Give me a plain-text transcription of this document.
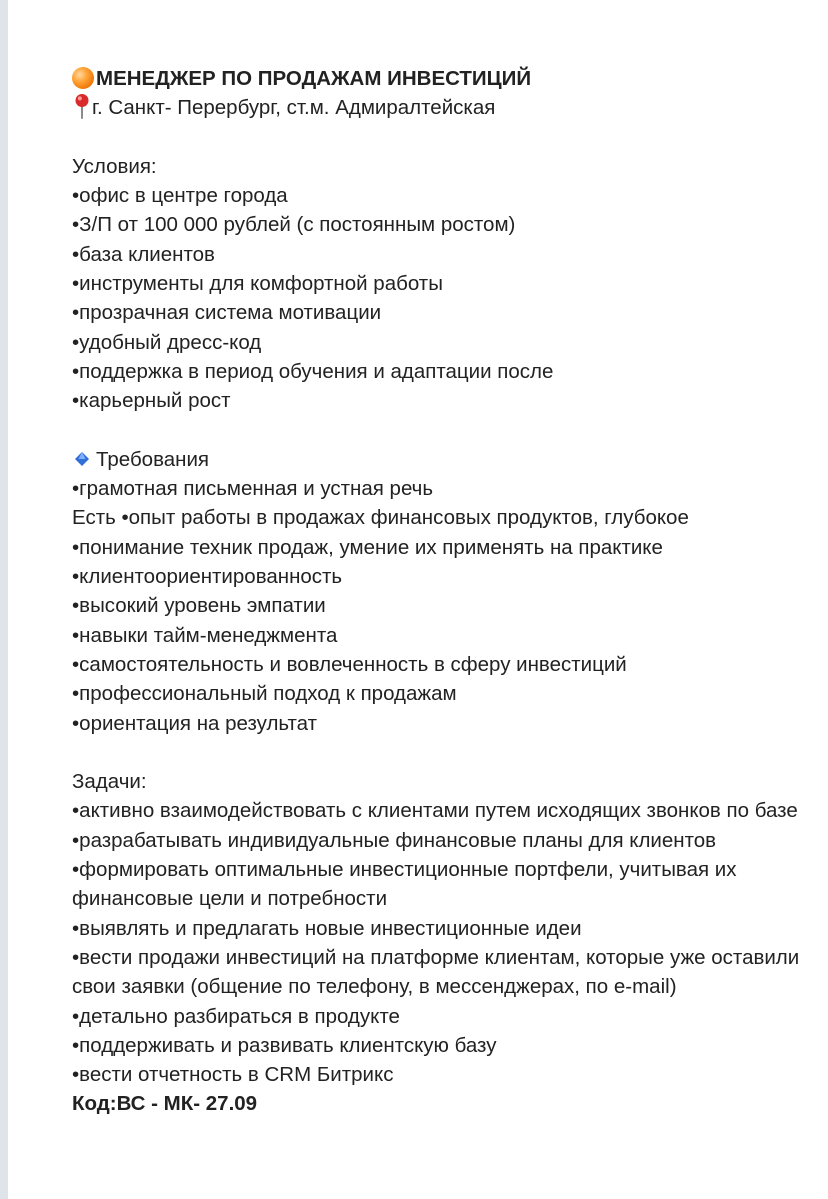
МЕНЕДЖЕР ПО ПРОДАЖАМ ИНВЕСТИЦИЙ
г. Санкт- Перербург, ст.м. Адмиралтейская
Условия:
•офис в центре города
•З/П от 100 000 рублей (с постоянным ростом)
•база клиентов
•инструменты для комфортной работы
•прозрачная система мотивации
•удобный дресс-код
•поддержка в период обучения и адаптации после
•карьерный рост
Требования
•грамотная письменная и устная речь
Есть •опыт работы в продажах финансовых продуктов, глубокое
•понимание техник продаж, умение их применять на практике
•клиентоориентированность
•высокий уровень эмпатии
•навыки тайм-менеджмента
•самостоятельность и вовлеченность в сферу инвестиций
•профессиональный подход к продажам
•ориентация на результат
Задачи:
•активно взаимодействовать с клиентами путем исходящих звонков по базе
•разрабатывать индивидуальные финансовые планы для клиентов
•формировать оптимальные инвестиционные портфели, учитывая их финансовые цели и потребности
•выявлять и предлагать новые инвестиционные идеи
•вести продажи инвестиций на платформе клиентам, которые уже оставили свои заявки (общение по телефону, в мессенджерах, по e-mail)
•детально разбираться в продукте
•поддерживать и развивать клиентскую базу
•вести отчетность в CRM Битрикс
Код:ВС - МК- 27.09
